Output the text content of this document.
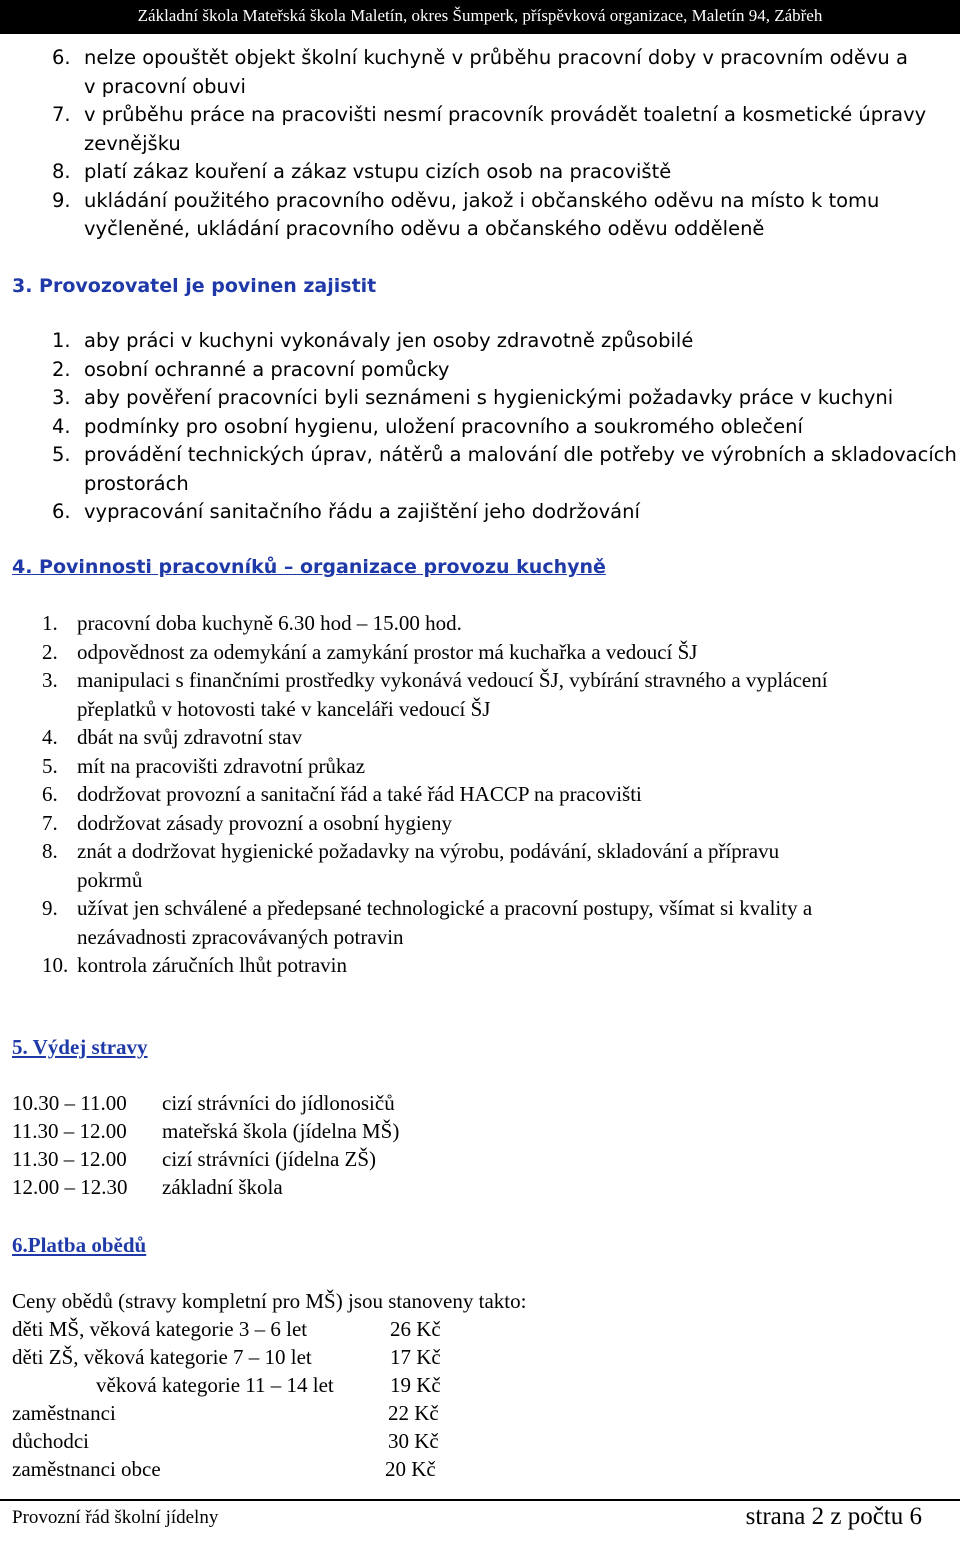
Základní škola Mateřská škola Maletín, okres Šumperk, příspěvková organizace, Maletín 94, Zábřeh
6. nelze opouštět objekt školní kuchyně v průběhu pracovní doby v pracovním oděvu a
v pracovní obuvi
7. v průběhu práce na pracovišti nesmí pracovník provádět toaletní a kosmetické úpravy
zevnějšku
8. platí zákaz kouření a zákaz vstupu cizích osob na pracoviště
9. ukládání použitého pracovního oděvu, jakož i občanského oděvu na místo k tomu
vyčleněné, ukládání pracovního oděvu a občanského oděvu odděleně
3. Provozovatel je povinen zajistit
1. aby práci v kuchyni vykonávaly jen osoby zdravotně způsobilé
2. osobní ochranné a pracovní pomůcky
3. aby pověření pracovníci byli seznámeni s hygienickými požadavky práce v kuchyni
4. podmínky pro osobní hygienu, uložení pracovního a soukromého oblečení
5. provádění technických úprav, nátěrů a malování dle potřeby ve výrobních a skladovacích
prostorách
6. vypracování sanitačního řádu a zajištění jeho dodržování
4. Povinnosti pracovníků – organizace provozu kuchyně
1. pracovní doba kuchyně 6.30 hod – 15.00 hod.
2. odpovědnost za odemykání a zamykání prostor má kuchařka a vedoucí ŠJ
3. manipulaci s finančními prostředky vykonává vedoucí ŠJ, vybírání stravného a vyplácení
přeplatků v hotovosti také v kanceláři vedoucí ŠJ
4. dbát na svůj zdravotní stav
5. mít na pracovišti zdravotní průkaz
6. dodržovat provozní a sanitační řád a také řád HACCP na pracovišti
7. dodržovat zásady provozní a osobní hygieny
8. znát a dodržovat hygienické požadavky na výrobu, podávání, skladování a přípravu
pokrmů
9. užívat jen schválené a předepsané technologické a pracovní postupy, všímat si kvality a
nezávadnosti zpracovávaných potravin
10. kontrola záručních lhůt potravin
5. Výdej stravy
10.30 – 11.00 cizí strávníci do jídlonosičů
11.30 – 12.00 mateřská škola (jídelna MŠ)
11.30 – 12.00 cizí strávníci (jídelna ZŠ)
12.00 – 12.30 základní škola
6.Platba obědů
Ceny obědů (stravy kompletní pro MŠ) jsou stanoveny takto:
děti MŠ, věková kategorie 3 – 6 let	26 Kč
děti ZŠ, věková kategorie 7 – 10 let	17 Kč
věková kategorie 11 – 14 let	19 Kč
zaměstnanci	22 Kč
důchodci	30 Kč
zaměstnanci obce	20 Kč
Provozní řád školní jídelny	strana 2 z počtu 6
